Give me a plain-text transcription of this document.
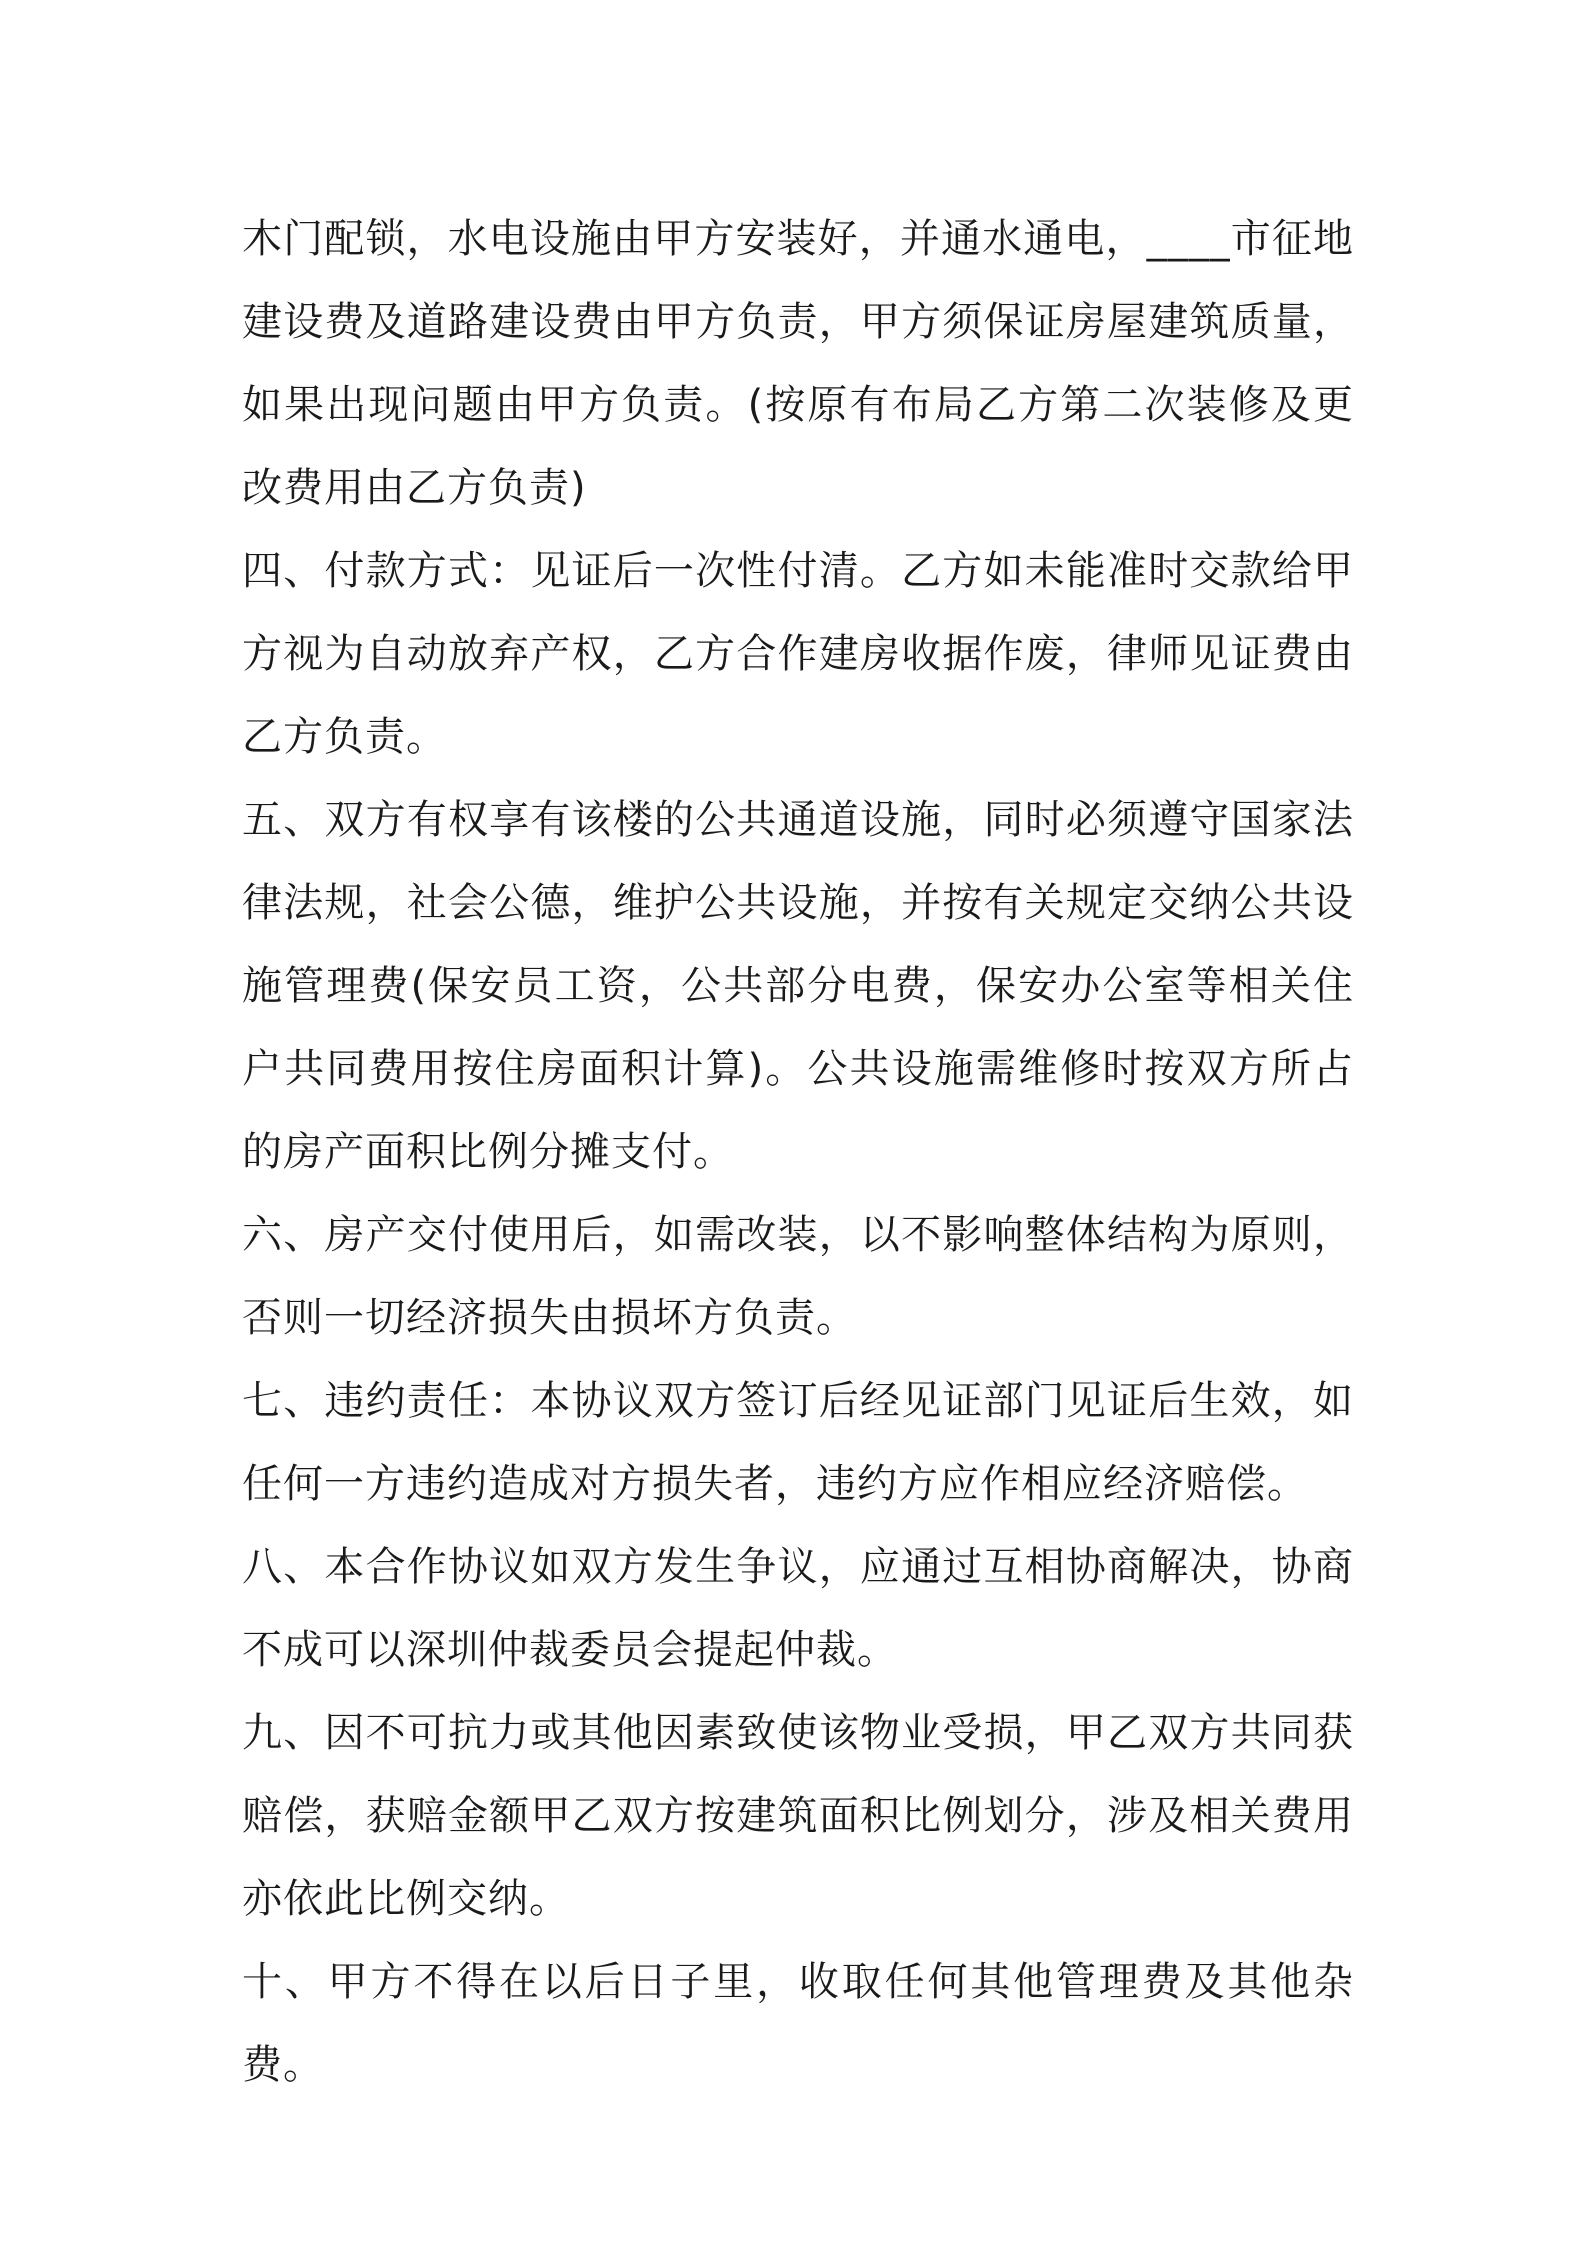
木门配锁，水电设施由甲方安装好，并通水通电，____市征地建设费及道路建设费由甲方负责，甲方须保证房屋建筑质量，如果出现问题由甲方负责。(按原有布局乙方第二次装修及更改费用由乙方负责)

四、付款方式：见证后一次性付清。乙方如未能准时交款给甲方视为自动放弃产权，乙方合作建房收据作废，律师见证费由乙方负责。

五、双方有权享有该楼的公共通道设施，同时必须遵守国家法律法规，社会公德，维护公共设施，并按有关规定交纳公共设施管理费(保安员工资，公共部分电费，保安办公室等相关住户共同费用按住房面积计算)。公共设施需维修时按双方所占的房产面积比例分摊支付。

六、房产交付使用后，如需改装，以不影响整体结构为原则，否则一切经济损失由损坏方负责。

七、违约责任：本协议双方签订后经见证部门见证后生效，如任何一方违约造成对方损失者，违约方应作相应经济赔偿。

八、本合作协议如双方发生争议，应通过互相协商解决，协商不成可以深圳仲裁委员会提起仲裁。

九、因不可抗力或其他因素致使该物业受损，甲乙双方共同获赔偿，获赔金额甲乙双方按建筑面积比例划分，涉及相关费用亦依此比例交纳。

十、甲方不得在以后日子里，收取任何其他管理费及其他杂费。
